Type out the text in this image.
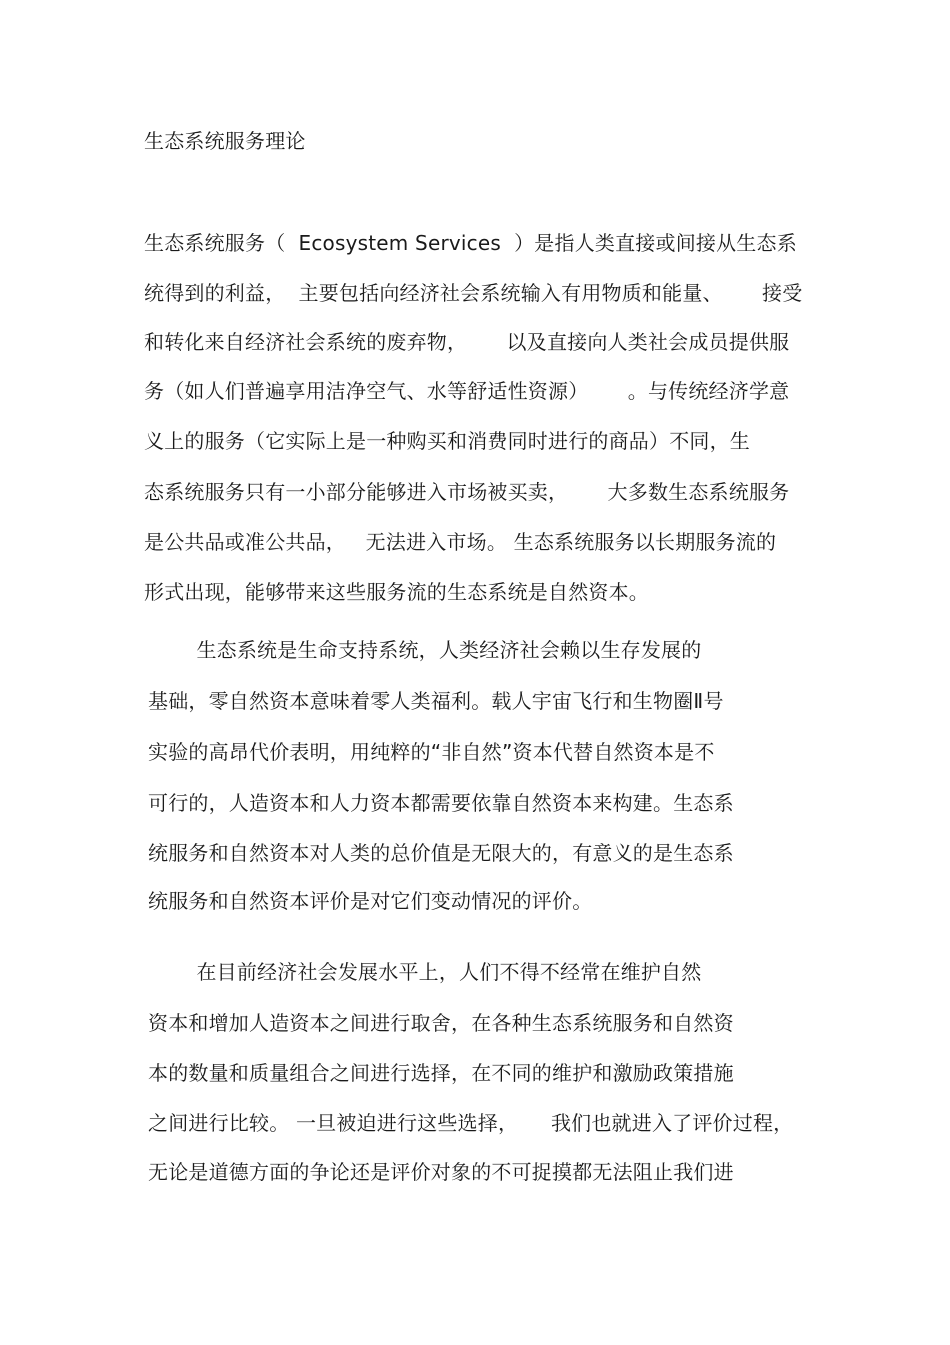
生态系统服务理论
生态系统服务（  Ecosystem Services  ）是指人类直接或间接从生态系
统得到的利益，  主要包括向经济社会系统输入有用物质和能量、      接受
和转化来自经济社会系统的废弃物，      以及直接向人类社会成员提供服
务（如人们普遍享用洁净空气、水等舒适性资源）      。与传统经济学意
义上的服务（它实际上是一种购买和消费同时进行的商品）不同，生
态系统服务只有一小部分能够进入市场被买卖，      大多数生态系统服务
是公共品或准公共品，   无法进入市场。 生态系统服务以长期服务流的
形式出现，能够带来这些服务流的生态系统是自然资本。
生态系统是生命支持系统，人类经济社会赖以生存发展的
基础，零自然资本意味着零人类福利。载人宇宙飞行和生物圈Ⅱ号
实验的高昂代价表明，用纯粹的“非自然”资本代替自然资本是不
可行的，人造资本和人力资本都需要依靠自然资本来构建。生态系
统服务和自然资本对人类的总价值是无限大的，有意义的是生态系
统服务和自然资本评价是对它们变动情况的评价。
在目前经济社会发展水平上，人们不得不经常在维护自然
资本和增加人造资本之间进行取舍，在各种生态系统服务和自然资
本的数量和质量组合之间进行选择，在不同的维护和激励政策措施
之间进行比较。 一旦被迫进行这些选择，     我们也就进入了评价过程，
无论是道德方面的争论还是评价对象的不可捉摸都无法阻止我们进
